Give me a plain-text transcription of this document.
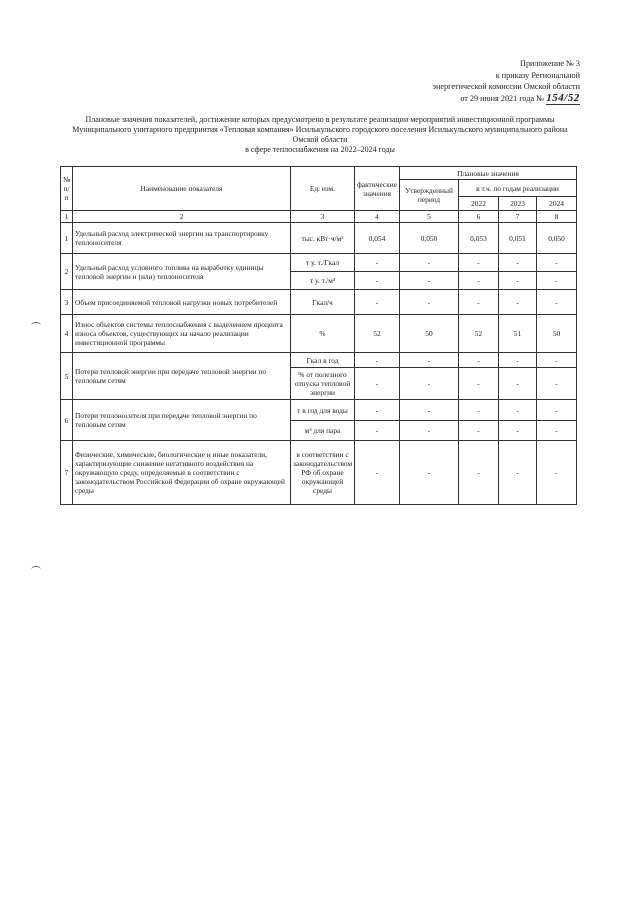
Приложение № 3
к приказу Региональной
энергетической комиссии Омской области
от 29 июня 2021 года № 154/52
Плановые значения показателей, достижение которых предусмотрено в результате реализации мероприятий инвестиционной программы
Муниципального унитарного предприятия «Тепловая компания» Исилькульского городского поселения Исилькульского муниципального района
Омской области
в сфере теплоснабжения на 2022–2024 годы
№ п/п	Наименование показателя	Ед. изм.	фактические значения	Плановые значения			
				Утвержденный период	в т.ч. по годам реализации		
					2022	2023	2024
1	2	3	4	5	6	7	8
1	Удельный расход электрической энергии на транспортировку теплоносителя	тыс. кВт·ч/м³	0,054	0,050	0,053	0,051	0,050
2	Удельный расход условного топлива на выработку единицы тепловой энергии и (или) теплоносителя	т у. т./Гкал	-	-	-	-	-
		т у. т./м³	-	-	-	-	-
3	Объем присоединяемой тепловой нагрузки новых потребителей	Гкал/ч	-	-	-	-	-
4	Износ объектов системы теплоснабжения с выделением процента износа объектов, существующих на начало реализации инвестиционной программы	%	52	50	52	51	50
5	Потери тепловой энергии при передаче тепловой энергии по тепловым сетям	Гкал в год	-	-	-	-	-
		% от полезного отпуска тепловой энергии	-	-	-	-	-
6	Потери теплоносителя при передаче тепловой энергии по тепловым сетям	т в год для воды	-	-	-	-	-
		м³ для пара	-	-	-	-	-
7	Физические, химические, биологические и иные показатели, характеризующие снижение негативного воздействия на окружающую среду, определяемые в соответствии с законодательством Российской Федерации об охране окружающей среды	в соответствии с законодательством РФ об охране окружающей среды	-	-	-	-	-
